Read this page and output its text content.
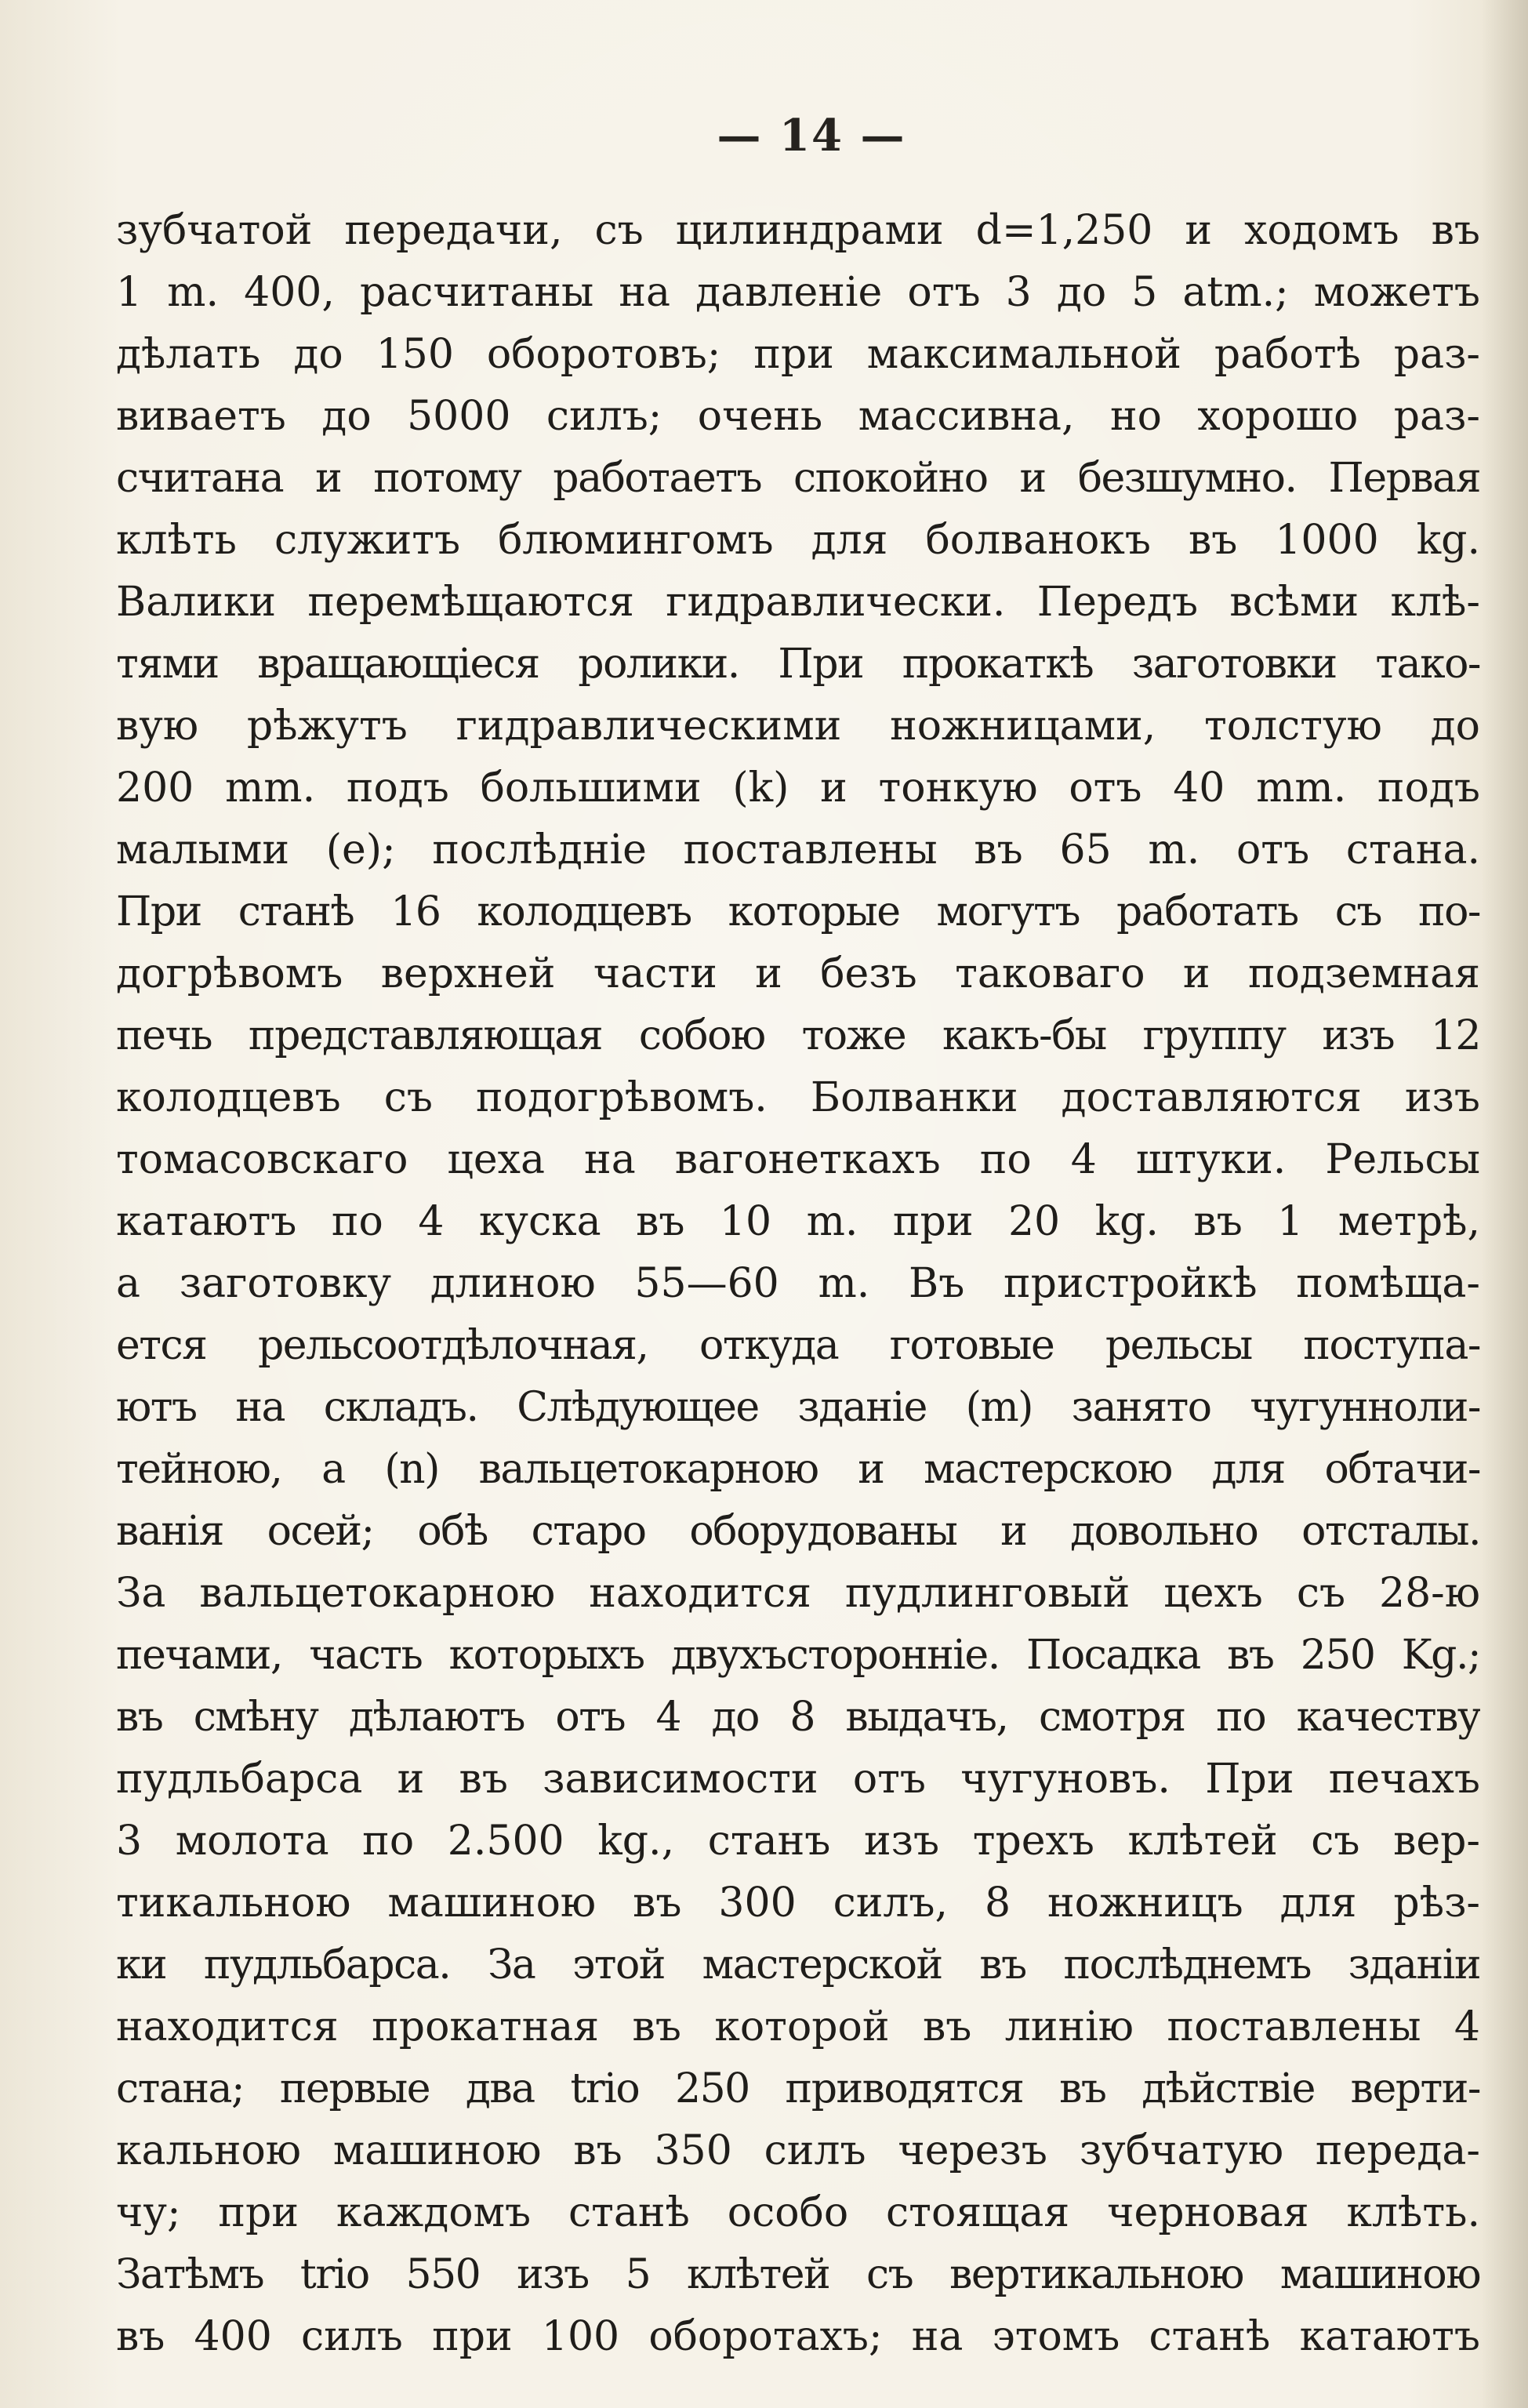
— 14 —
зубчатой передачи, съ цилиндрами d=1,250 и ходомъ въ
1 m. 400, расчитаны на давленіе отъ 3 до 5 atm.; можетъ
дѣлать до 150 оборотовъ; при максимальной работѣ раз-
виваетъ до 5000 силъ; очень массивна, но хорошо раз-
считана и потому работаетъ спокойно и безшумно. Первая
клѣть служитъ блюмингомъ для болванокъ въ 1000 kg.
Валики перемѣщаются гидравлически. Передъ всѣми клѣ-
тями вращающіеся ролики. При прокаткѣ заготовки тако-
вую рѣжутъ гидравлическими ножницами, толстую до
200 mm. подъ большими (k) и тонкую отъ 40 mm. подъ
малыми (e); послѣдніе поставлены въ 65 m. отъ стана.
При станѣ 16 колодцевъ которые могутъ работать съ по-
догрѣвомъ верхней части и безъ таковаго и подземная
печь представляющая собою тоже какъ-бы группу изъ 12
колодцевъ съ подогрѣвомъ. Болванки доставляются изъ
томасовскаго цеха на вагонеткахъ по 4 штуки. Рельсы
катаютъ по 4 куска въ 10 m. при 20 kg. въ 1 метрѣ,
а заготовку длиною 55—60 m. Въ пристройкѣ помѣща-
ется рельсоотдѣлочная, откуда готовые рельсы поступа-
ютъ на складъ. Слѣдующее зданіе (m) занято чугуннoли-
тейною, а (n) вальцетокарною и мастерскою для обтачи-
ванія осей; обѣ старо оборудованы и довольно отсталы.
За вальцетокарною находится пудлинговый цехъ съ 28-ю
печами, часть которыхъ двухъсторонніе. Посадка въ 250 Kg.;
въ смѣну дѣлаютъ отъ 4 до 8 выдачъ, смотря по качеству
пудльбарса и въ зависимости отъ чугуновъ. При печахъ
3 молота по 2.500 kg., станъ изъ трехъ клѣтей съ вер-
тикальною машиною въ 300 силъ, 8 ножницъ для рѣз-
ки пудльбарса. За этой мастерской въ послѣднемъ зданіи
находится прокатная въ которой въ линію поставлены 4
стана; первые два trio 250 приводятся въ дѣйствіе верти-
кальною машиною въ 350 силъ черезъ зубчатую переда-
чу; при каждомъ станѣ особо стоящая черновая клѣть.
Затѣмъ trio 550 изъ 5 клѣтей съ вертикальною машиною
въ 400 силъ при 100 оборотахъ; на этомъ станѣ катаютъ
